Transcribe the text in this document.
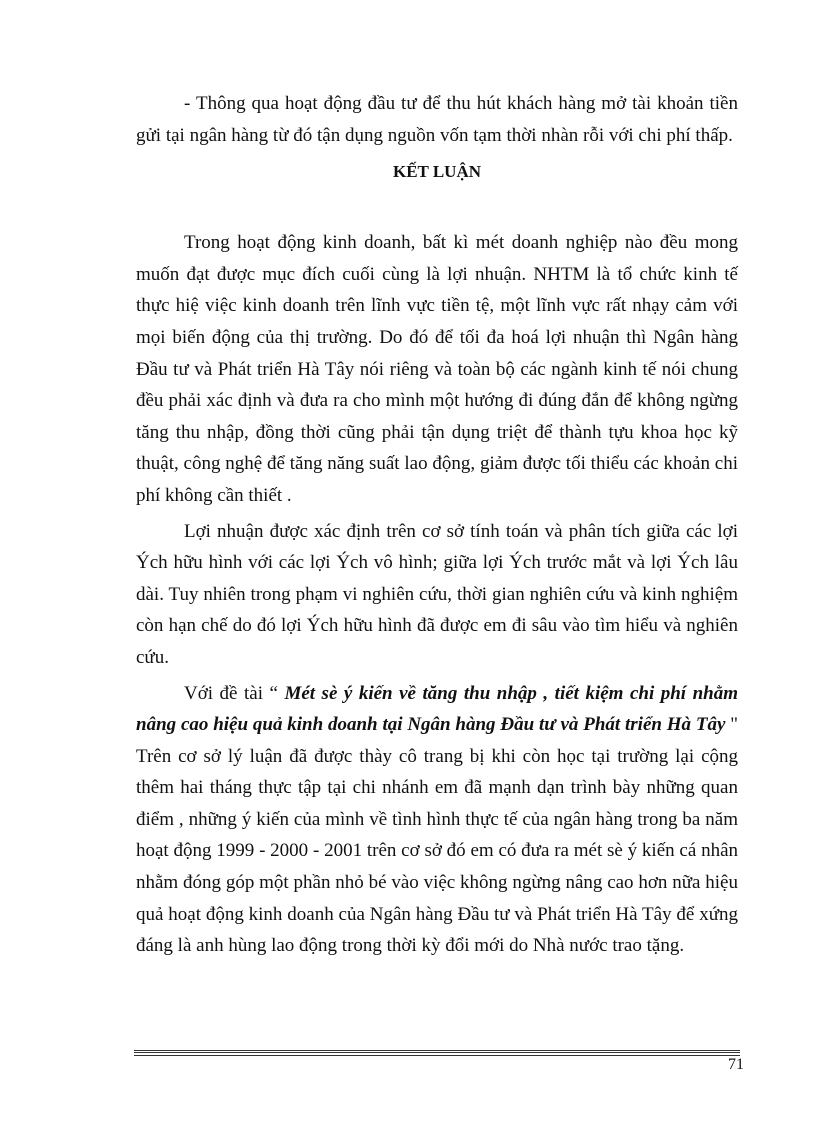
- Thông qua hoạt động đầu tư để thu hút khách hàng mở tài khoản tiền gửi tại ngân hàng từ đó tận dụng nguồn vốn tạm thời nhàn rỗi với chi phí thấp.

KẾT LUẬN

Trong hoạt động kinh doanh, bất kì mét doanh nghiệp nào đều mong muốn đạt được mục đích cuối cùng là lợi nhuận. NHTM là tổ chức kinh tế thực hiệ việc kinh doanh trên lĩnh vực tiền tệ, một lĩnh vực rất nhạy cảm với mọi biến động của thị trường. Do đó để tối đa hoá lợi nhuận thì Ngân hàng Đầu tư và Phát triển Hà Tây nói riêng và toàn bộ các ngành kinh tế nói chung đều phải xác định và đưa ra cho mình một hướng đi đúng đắn để không ngừng tăng thu nhập, đồng thời cũng phải tận dụng triệt để thành tựu khoa học kỹ thuật, công nghệ để tăng năng suất lao động, giảm được tối thiểu các khoản chi phí không cần thiết .

Lợi nhuận được xác định trên cơ sở tính toán và phân tích giữa các lợi Ých hữu hình với các lợi Ých vô hình; giữa lợi Ých trước mắt và lợi Ých lâu dài. Tuy nhiên trong phạm vi nghiên cứu, thời gian nghiên cứu và kinh nghiệm còn hạn chế do đó lợi Ých hữu hình đã được em đi sâu vào tìm hiểu và nghiên cứu.

Với đề tài “ Mét sè ý kiến về tăng thu nhập , tiết kiệm chi phí nhằm nâng cao hiệu quả kinh doanh tại Ngân hàng Đầu tư và Phát triển Hà Tây " Trên cơ sở lý luận đã được thày cô trang bị khi còn học tại trường lại cộng thêm hai tháng thực tập tại chi nhánh em đã mạnh dạn trình bày những quan điểm , những ý kiến của mình về tình hình thực tế của ngân hàng trong ba năm hoạt động 1999 - 2000 - 2001 trên cơ sở đó em có đưa ra mét sè ý kiến cá nhân nhằm đóng góp một phần nhỏ bé vào việc không ngừng nâng cao hơn nữa hiệu quả hoạt động kinh doanh của Ngân hàng Đầu tư và Phát triển Hà Tây để xứng đáng là anh hùng lao động trong thời kỳ đổi mới do Nhà nước trao tặng.

71
